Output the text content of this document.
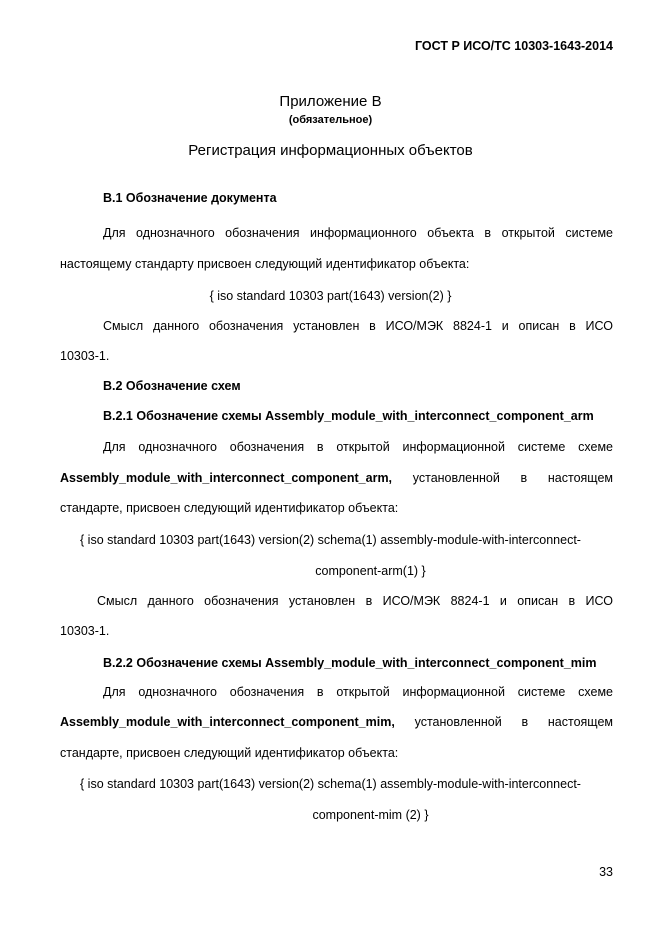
ГОСТ Р ИСО/ТС 10303-1643-2014
Приложение В
(обязательное)
Регистрация информационных объектов
В.1 Обозначение документа
Для однозначного обозначения информационного объекта в открытой системе
настоящему стандарту присвоен следующий идентификатор объекта:
{ iso standard 10303 part(1643) version(2) }
Смысл данного обозначения установлен в ИСО/МЭК 8824-1 и описан в ИСО
10303-1.
В.2 Обозначение схем
В.2.1 Обозначение схемы Assembly_module_with_interconnect_component_arm
Для однозначного обозначения в открытой информационной системе схеме
Assembly_module_with_interconnect_component_arm, установленной в настоящем
стандарте, присвоен следующий идентификатор объекта:
{ iso standard 10303 part(1643) version(2) schema(1) assembly-module-with-interconnect-
component-arm(1) }
Смысл данного обозначения установлен в ИСО/МЭК 8824-1 и описан в ИСО
10303-1.
В.2.2 Обозначение схемы Assembly_module_with_interconnect_component_mim
Для однозначного обозначения в открытой информационной системе схеме
Assembly_module_with_interconnect_component_mim, установленной в настоящем
стандарте, присвоен следующий идентификатор объекта:
{ iso standard 10303 part(1643) version(2) schema(1) assembly-module-with-interconnect-
component-mim (2) }
33
